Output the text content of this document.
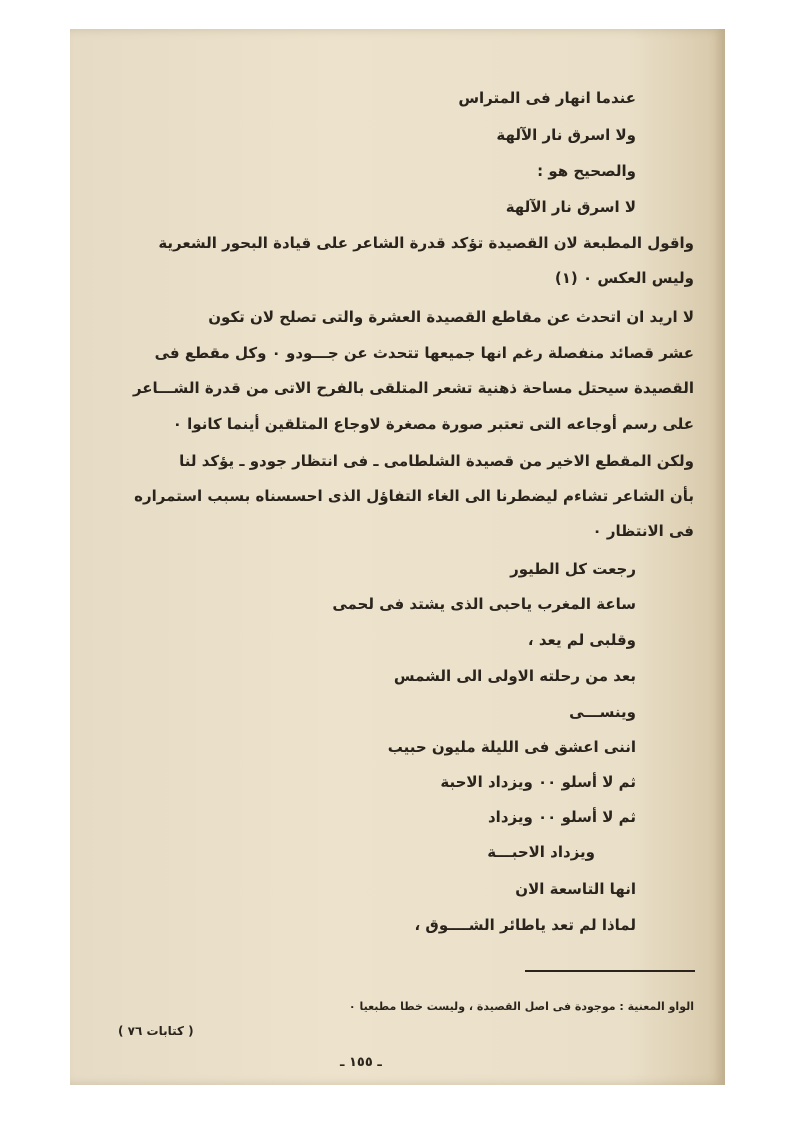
عندما انهار فى المتراس
ولا اسرق نار الآلهة
والصحيح هو :
لا اسرق نار الآلهة
واقول المطبعة لان القصيدة تؤكد قدرة الشاعر على قيادة البحور الشعرية
وليس العكس ٠ (١)
لا اريد ان اتحدث عن مقاطع القصيدة العشرة والتى تصلح لان تكون
عشر قصائد منفصلة رغم انها جميعها تتحدث عن جـــودو ٠ وكل مقطع فى
القصيدة سيحتل مساحة ذهنية تشعر المتلقى بالفرح الاتى من قدرة الشـــاعر
على رسم أوجاعه التى تعتبر صورة مصغرة لاوجاع المتلقين أينما كانوا ٠
ولكن المقطع الاخير من قصيدة الشلطامى ـ فى انتظار جودو ـ يؤكد لنا
بأن الشاعر تشاءم ليضطرنا الى الغاء التفاؤل الذى احسسناه بسبب استمراره
فى الانتظار ٠
رجعت كل الطيور
ساعة المغرب ياحبى الذى يشتد فى لحمى
وقلبى لم يعد ،
بعد من رحلته الاولى الى الشمس
وينســـى
اننى اعشق فى الليلة مليون حبيب
ثم لا أسلو ٠٠ ويزداد الاحبة
ثم لا أسلو ٠٠ ويزداد
ويزداد الاحبـــة
انها التاسعة الان
لماذا لم تعد ياطائر الشــــوق ،
الواو المعنية : موجودة فى اصل القصيدة ، وليست خطا مطبعيا ٠
( كتابات ٧٦ )
ـ ١٥٥ ـ
